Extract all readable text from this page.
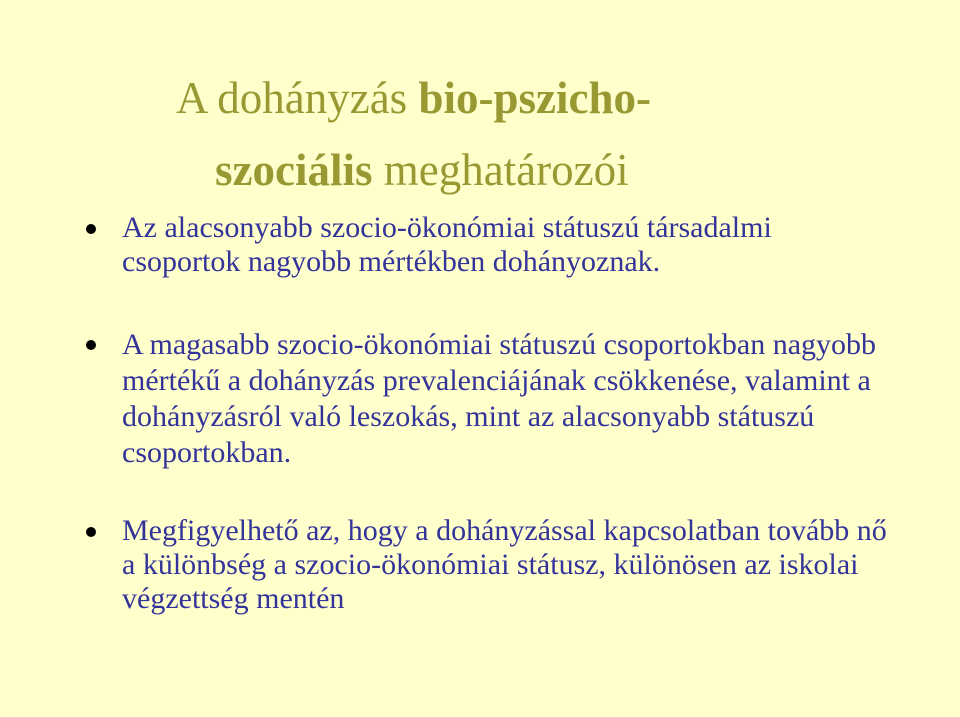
A dohányzás bio-pszicho-
szociális meghatározói
Az alacsonyabb szocio-ökonómiai státuszú társadalmi csoportok nagyobb mértékben dohányoznak.
A magasabb szocio-ökonómiai státuszú csoportokban nagyobb mértékű a dohányzás prevalenciájának csökkenése, valamint a dohányzásról való leszokás, mint az alacsonyabb státuszú csoportokban.
Megfigyelhető az, hogy a dohányzással kapcsolatban tovább nő a különbség a szocio-ökonómiai státusz, különösen az iskolai végzettség mentén
